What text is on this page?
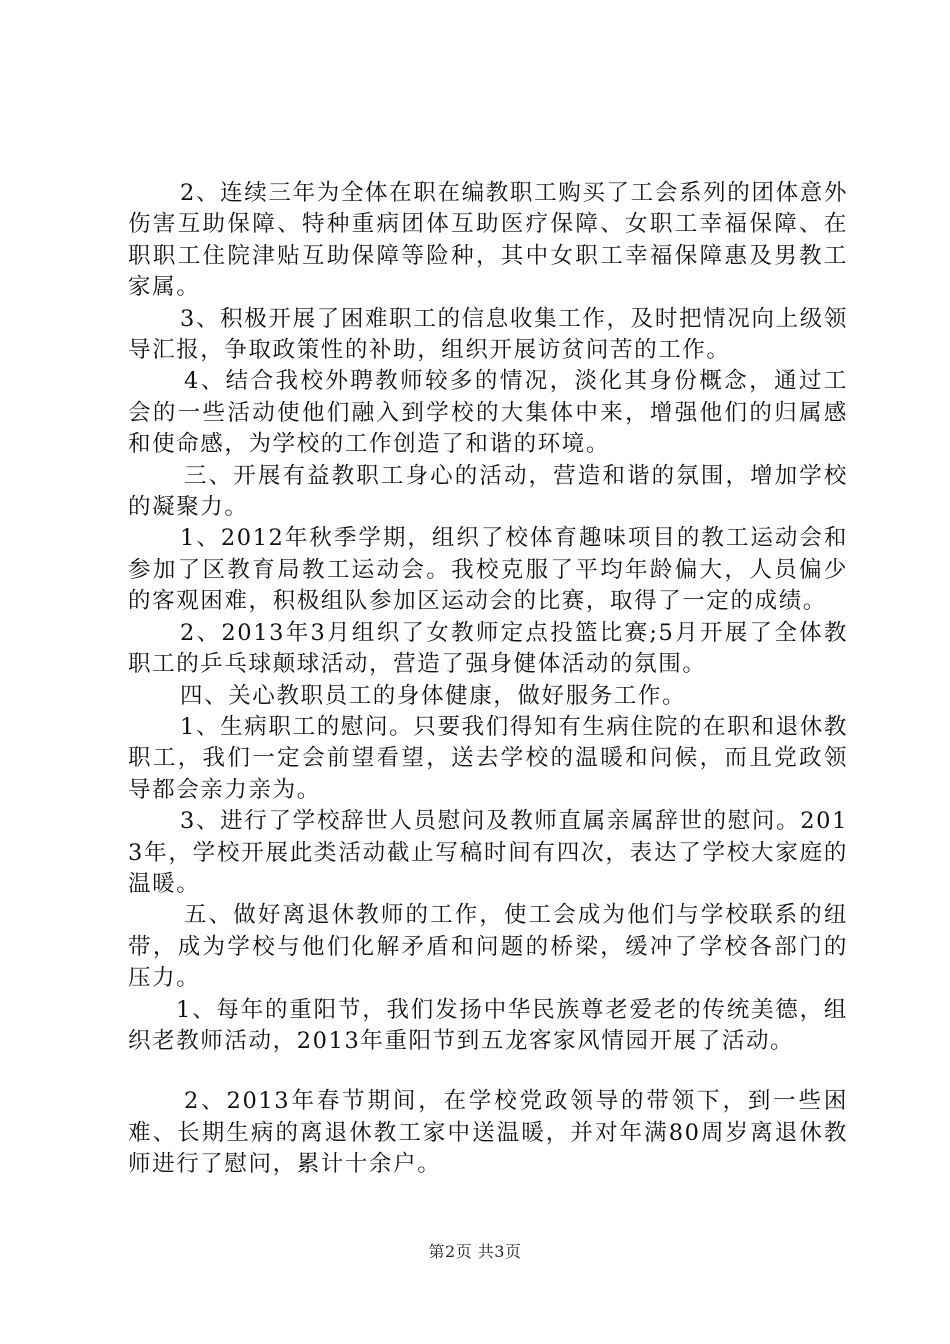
2、连续三年为全体在职在编教职工购买了工会系列的团体意外伤害互助保障、特种重病团体互助医疗保障、女职工幸福保障、在职职工住院津贴互助保障等险种，其中女职工幸福保障惠及男教工家属。

3、积极开展了困难职工的信息收集工作，及时把情况向上级领导汇报，争取政策性的补助，组织开展访贫问苦的工作。

4、结合我校外聘教师较多的情况，淡化其身份概念，通过工会的一些活动使他们融入到学校的大集体中来，增强他们的归属感和使命感，为学校的工作创造了和谐的环境。

三、开展有益教职工身心的活动，营造和谐的氛围，增加学校的凝聚力。

1、2012年秋季学期，组织了校体育趣味项目的教工运动会和参加了区教育局教工运动会。我校克服了平均年龄偏大，人员偏少的客观困难，积极组队参加区运动会的比赛，取得了一定的成绩。

2、2013年3月组织了女教师定点投篮比赛;5月开展了全体教职工的乒乓球颠球活动，营造了强身健体活动的氛围。

四、关心教职员工的身体健康，做好服务工作。

1、生病职工的慰问。只要我们得知有生病住院的在职和退休教职工，我们一定会前望看望，送去学校的温暖和问候，而且党政领导都会亲力亲为。

3、进行了学校辞世人员慰问及教师直属亲属辞世的慰问。2013年，学校开展此类活动截止写稿时间有四次，表达了学校大家庭的温暖。

五、做好离退休教师的工作，使工会成为他们与学校联系的纽带，成为学校与他们化解矛盾和问题的桥梁，缓冲了学校各部门的压力。

1、每年的重阳节，我们发扬中华民族尊老爱老的传统美德，组织老教师活动，2013年重阳节到五龙客家风情园开展了活动。

2、2013年春节期间，在学校党政领导的带领下，到一些困难、长期生病的离退休教工家中送温暖，并对年满80周岁离退休教师进行了慰问，累计十余户。

第2页 共3页
